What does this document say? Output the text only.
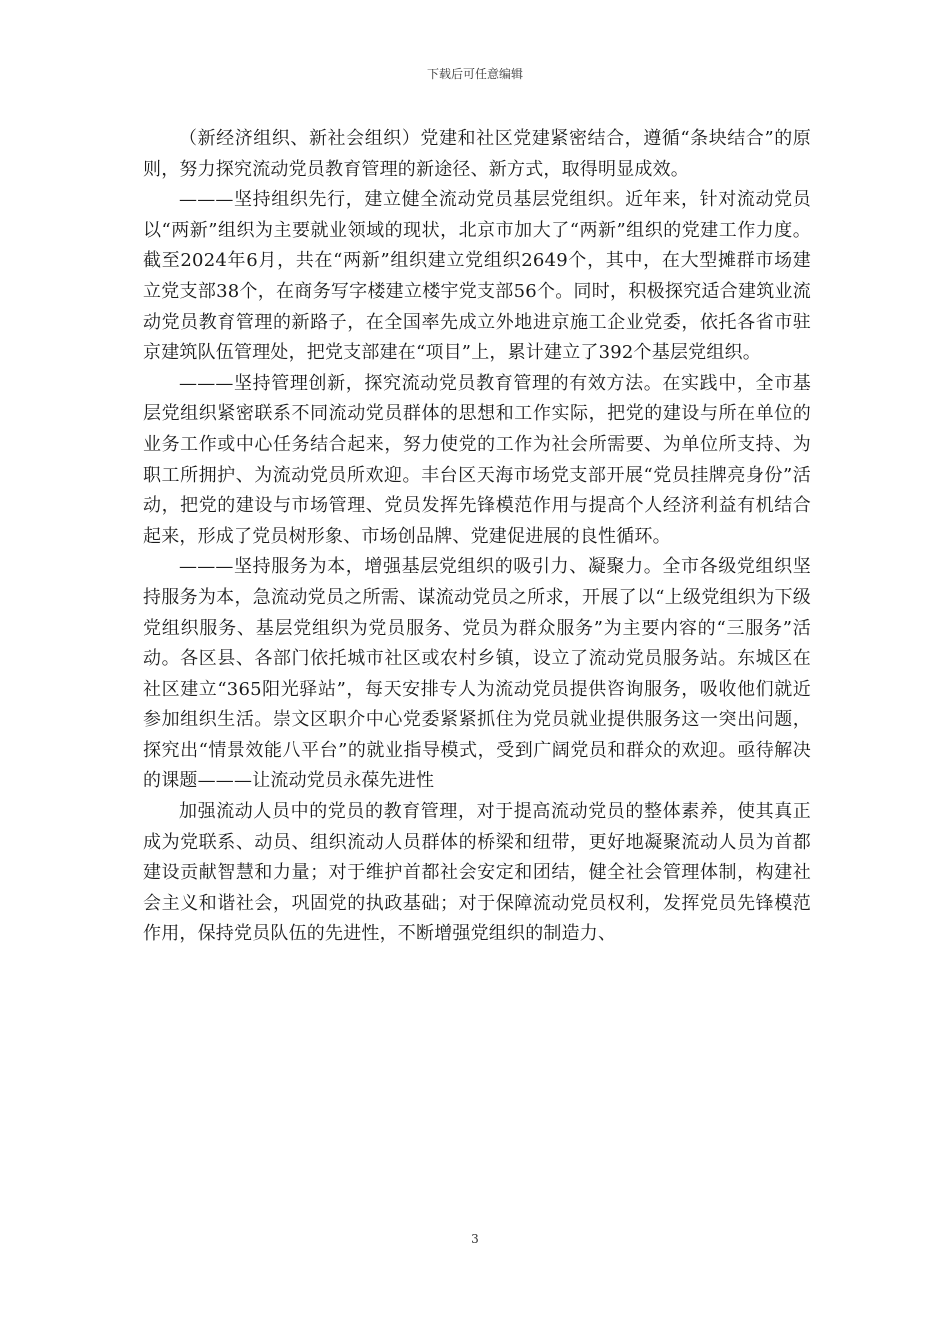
下载后可任意编辑

（新经济组织、新社会组织）党建和社区党建紧密结合，遵循“条块结合”的原则，努力探究流动党员教育管理的新途径、新方式，取得明显成效。

———坚持组织先行，建立健全流动党员基层党组织。近年来，针对流动党员以“两新”组织为主要就业领域的现状，北京市加大了“两新”组织的党建工作力度。截至2024年6月，共在“两新”组织建立党组织2649个，其中，在大型摊群市场建立党支部38个，在商务写字楼建立楼宇党支部56个。同时，积极探究适合建筑业流动党员教育管理的新路子，在全国率先成立外地进京施工企业党委，依托各省市驻京建筑队伍管理处，把党支部建在“项目”上，累计建立了392个基层党组织。

———坚持管理创新，探究流动党员教育管理的有效方法。在实践中，全市基层党组织紧密联系不同流动党员群体的思想和工作实际，把党的建设与所在单位的业务工作或中心任务结合起来，努力使党的工作为社会所需要、为单位所支持、为职工所拥护、为流动党员所欢迎。丰台区天海市场党支部开展“党员挂牌亮身份”活动，把党的建设与市场管理、党员发挥先锋模范作用与提高个人经济利益有机结合起来，形成了党员树形象、市场创品牌、党建促进展的良性循环。

———坚持服务为本，增强基层党组织的吸引力、凝聚力。全市各级党组织坚持服务为本，急流动党员之所需、谋流动党员之所求，开展了以“上级党组织为下级党组织服务、基层党组织为党员服务、党员为群众服务”为主要内容的“三服务”活动。各区县、各部门依托城市社区或农村乡镇，设立了流动党员服务站。东城区在社区建立“365阳光驿站”，每天安排专人为流动党员提供咨询服务，吸收他们就近参加组织生活。崇文区职介中心党委紧紧抓住为党员就业提供服务这一突出问题，探究出“情景效能八平台”的就业指导模式，受到广阔党员和群众的欢迎。亟待解决的课题———让流动党员永葆先进性

加强流动人员中的党员的教育管理，对于提高流动党员的整体素养，使其真正成为党联系、动员、组织流动人员群体的桥梁和纽带，更好地凝聚流动人员为首都建设贡献智慧和力量；对于维护首都社会安定和团结，健全社会管理体制，构建社会主义和谐社会，巩固党的执政基础；对于保障流动党员权利，发挥党员先锋模范作用，保持党员队伍的先进性，不断增强党组织的制造力、

3
